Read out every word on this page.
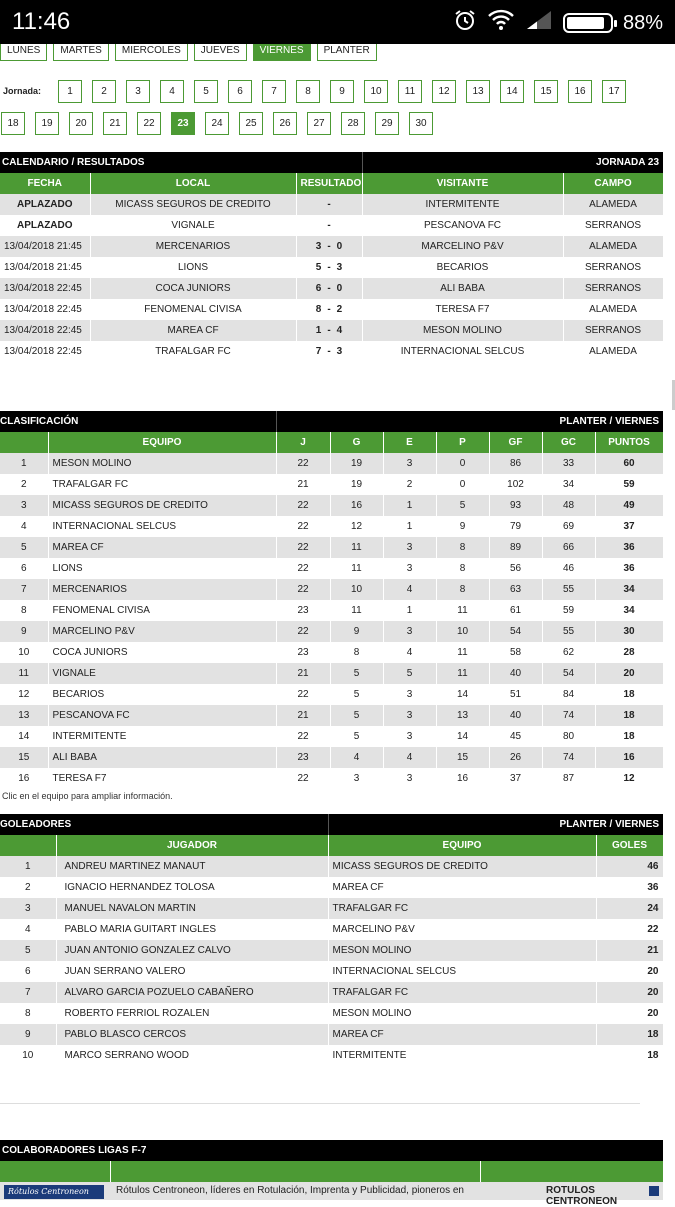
11:46	88%
LUNES	MARTES	MIERCOLES	JUEVES	VIERNES	PLANTER
Jornada:	1	2	3	4	5	6	7	8	9	10	11	12	13	14	15	16	17
18	19	20	21	22	23	24	25	26	27	28	29	30
CALENDARIO / RESULTADOS			JORNADA 23	
FECHA	LOCAL	RESULTADO	VISITANTE	CAMPO
APLAZADO	MICASS SEGUROS DE CREDITO	-	INTERMITENTE	ALAMEDA
APLAZADO	VIGNALE	-	PESCANOVA FC	SERRANOS
13/04/2018 21:45	MERCENARIOS	3 - 0	MARCELINO P&V	ALAMEDA
13/04/2018 21:45	LIONS	5 - 3	BECARIOS	SERRANOS
13/04/2018 22:45	COCA JUNIORS	6 - 0	ALI BABA	SERRANOS
13/04/2018 22:45	FENOMENAL CIVISA	8 - 2	TERESA F7	ALAMEDA
13/04/2018 22:45	MAREA CF	1 - 4	MESON MOLINO	SERRANOS
13/04/2018 22:45	TRAFALGAR FC	7 - 3	INTERNACIONAL SELCUS	ALAMEDA
CLASIFICACIÓN		PLANTER / VIERNES						
	EQUIPO	J	G	E	P	GF	GC	PUNTOS
1	MESON MOLINO	22	19	3	0	86	33	60
2	TRAFALGAR FC	21	19	2	0	102	34	59
3	MICASS SEGUROS DE CREDITO	22	16	1	5	93	48	49
4	INTERNACIONAL SELCUS	22	12	1	9	79	69	37
5	MAREA CF	22	11	3	8	89	66	36
6	LIONS	22	11	3	8	56	46	36
7	MERCENARIOS	22	10	4	8	63	55	34
8	FENOMENAL CIVISA	23	11	1	11	61	59	34
9	MARCELINO P&V	22	9	3	10	54	55	30
10	COCA JUNIORS	23	8	4	11	58	62	28
11	VIGNALE	21	5	5	11	40	54	20
12	BECARIOS	22	5	3	14	51	84	18
13	PESCANOVA FC	21	5	3	13	40	74	18
14	INTERMITENTE	22	5	3	14	45	80	18
15	ALI BABA	23	4	4	15	26	74	16
16	TERESA F7	22	3	3	16	37	87	12
Clic en el equipo para ampliar información.
GOLEADORES		PLANTER / VIERNES	
	JUGADOR	EQUIPO	GOLES
1	ANDREU MARTINEZ MANAUT	MICASS SEGUROS DE CREDITO	46
2	IGNACIO HERNANDEZ TOLOSA	MAREA CF	36
3	MANUEL NAVALON MARTIN	TRAFALGAR FC	24
4	PABLO MARIA GUITART INGLES	MARCELINO P&V	22
5	JUAN ANTONIO GONZALEZ CALVO	MESON MOLINO	21
6	JUAN SERRANO VALERO	INTERNACIONAL SELCUS	20
7	ALVARO GARCIA POZUELO CABAÑERO	TRAFALGAR FC	20
8	ROBERTO FERRIOL ROZALEN	MESON MOLINO	20
9	PABLO BLASCO CERCOS	MAREA CF	18
10	MARCO SERRANO WOOD	INTERMITENTE	18
COLABORADORES LIGAS F-7
Rótulos Centroneon	Rótulos Centroneon, líderes en Rotulación, Imprenta y Publicidad, pioneros en	ROTULOS CENTRONEON
